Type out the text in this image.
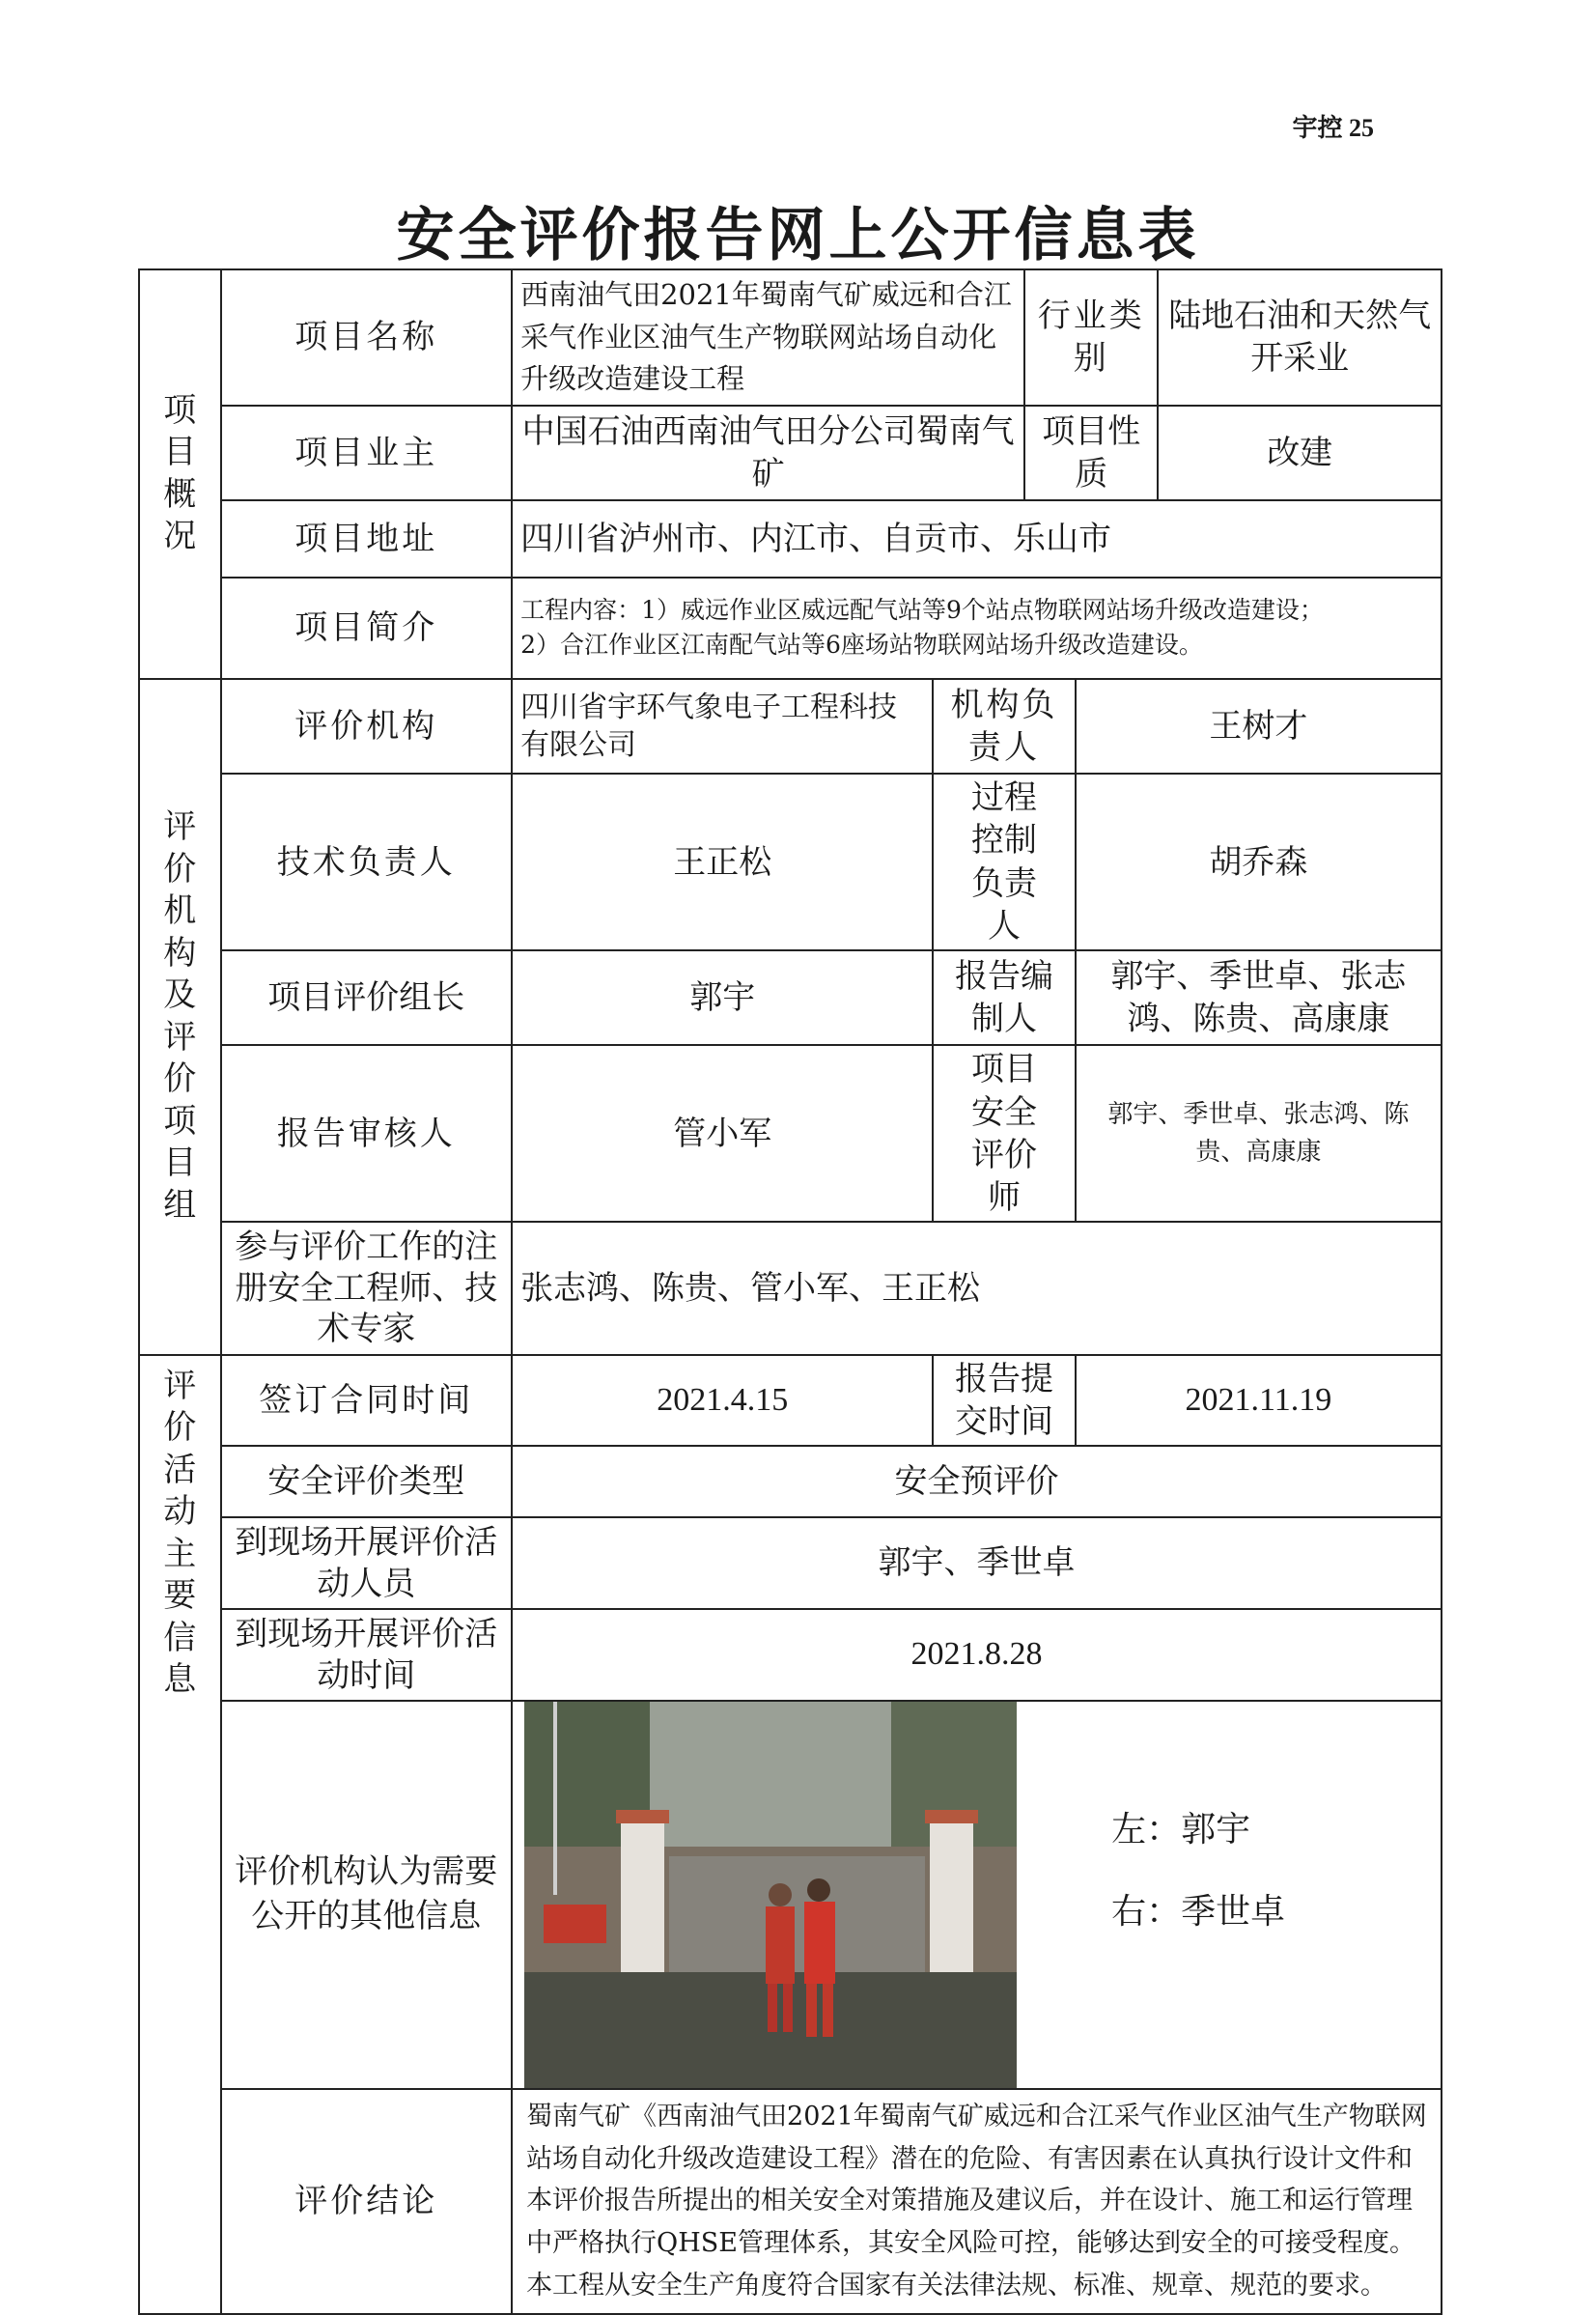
宇控 25
安全评价报告网上公开信息表
项目概况	项目名称	西南油气田2021年蜀南气矿威远和合江采气作业区油气生产物联网站场自动化升级改造建设工程		行业类别		陆地石油和天然气开采业
	项目业主	中国石油西南油气田分公司蜀南气矿		项目性质		改建
	项目地址	四川省泸州市、内江市、自贡市、乐山市				
	项目简介	工程内容：1）威远作业区威远配气站等9个站点物联网站场升级改造建设；
2）合江作业区江南配气站等6座场站物联网站场升级改造建设。				

评价机构及评价项目组	评价机构	四川省宇环气象电子工程科技有限公司	机构负责人		王树才	
	技术负责人	王正松	过程控制负责人		胡乔森	
	项目评价组长	郭宇	报告编制人		郭宇、季世卓、张志鸿、陈贵、高康康	
	报告审核人	管小军	项目安全评价师		郭宇、季世卓、张志鸿、陈贵、高康康	
	参与评价工作的注册安全工程师、技术专家	张志鸿、陈贵、管小军、王正松				
评价活动主要信息	签订合同时间	2021.4.15	报告提交时间		2021.11.19	
	安全评价类型	安全预评价				
	到现场开展评价活动人员	郭宇、季世卓				
	到现场开展评价活动时间	2021.8.28				
	评价机构认为需要公开的其他信息	左：郭宇
右：季世卓				

	评价结论	蜀南气矿《西南油气田2021年蜀南气矿威远和合江采气作业区油气生产物联网站场自动化升级改造建设工程》潜在的危险、有害因素在认真执行设计文件和本评价报告所提出的相关安全对策措施及建议后，并在设计、施工和运行管理中严格执行QHSE管理体系，其安全风险可控，能够达到安全的可接受程度。本工程从安全生产角度符合国家有关法律法规、标准、规章、规范的要求。				
